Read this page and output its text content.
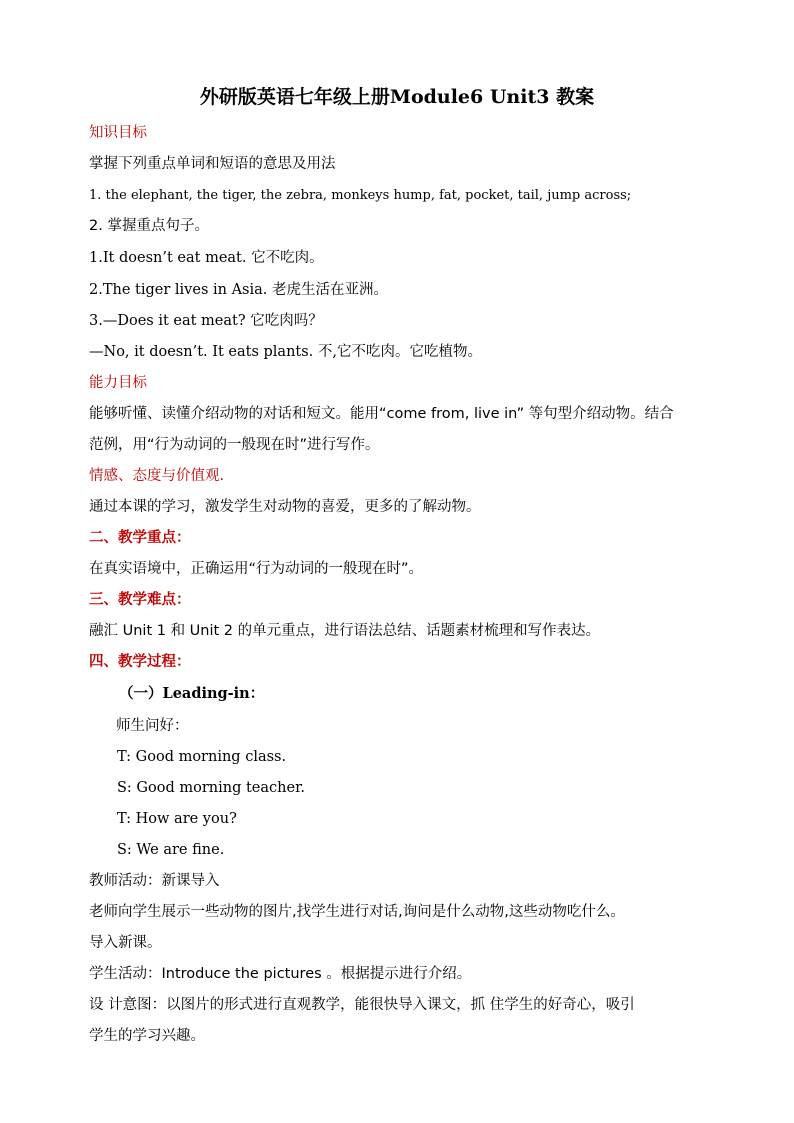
外研版英语七年级上册Module6 Unit3 教案
知识目标
掌握下列重点单词和短语的意思及用法
1. the elephant, the tiger, the zebra, monkeys hump, fat, pocket, tail, jump across;
2. 掌握重点句子。
1.It doesn’t eat meat. 它不吃肉。
2.The tiger lives in Asia. 老虎生活在亚洲。
3.—Does it eat meat? 它吃肉吗？
—No, it doesn’t. It eats plants. 不,它不吃肉。它吃植物。
能力目标
能够听懂、读懂介绍动物的对话和短文。能用“come from, live in” 等句型介绍动物。结合
范例，用“行为动词的一般现在时”进行写作。
情感、态度与价值观.
通过本课的学习，激发学生对动物的喜爱，更多的了解动物。
二、教学重点：
在真实语境中，正确运用“行为动词的一般现在时”。
三、教学难点：
融汇 Unit 1 和 Unit 2 的单元重点，进行语法总结、话题素材梳理和写作表达。
四、教学过程：
（一）Leading-in：
师生问好：
T: Good morning class.
S: Good morning teacher.
T: How are you?
S: We are fine.
教师活动：新课导入
老师向学生展示一些动物的图片,找学生进行对话,询问是什么动物,这些动物吃什么。
导入新课。
学生活动：Introduce the pictures 。根据提示进行介绍。
设 计意图：以图片的形式进行直观教学，能很快导入课文，抓 住学生的好奇心，吸引
学生的学习兴趣。
